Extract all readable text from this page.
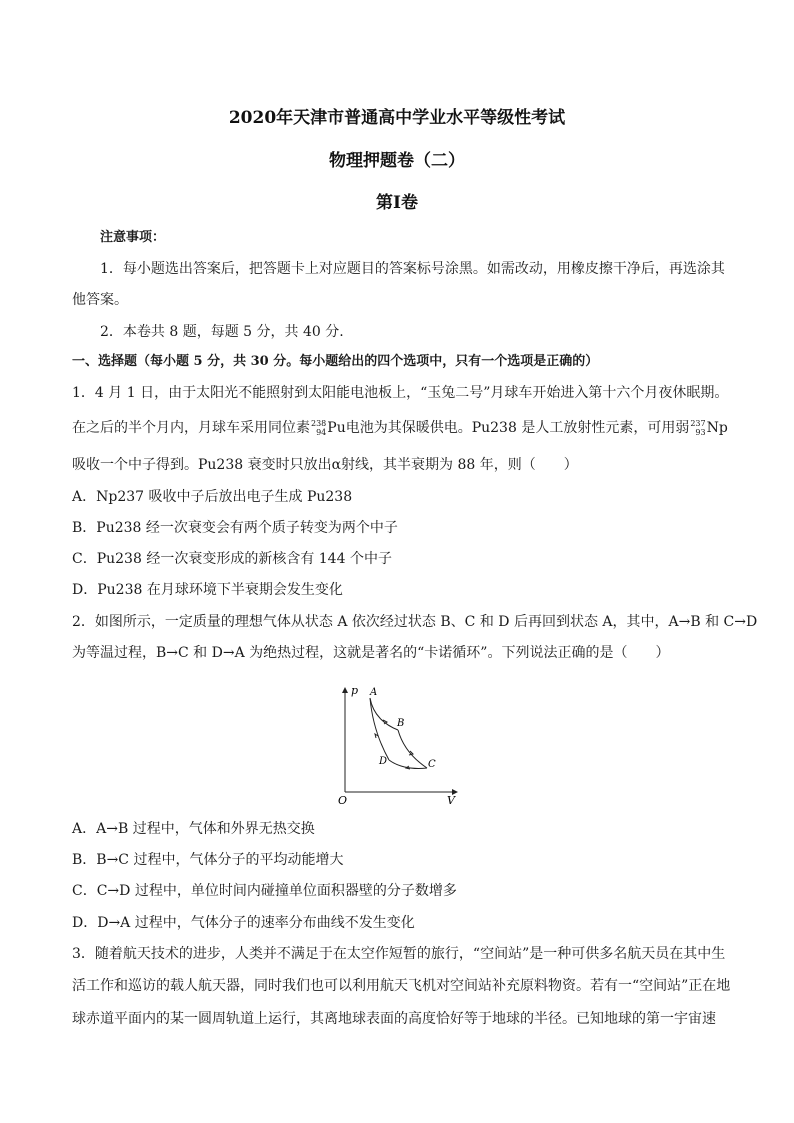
2020年天津市普通高中学业水平等级性考试
物理押题卷（二）
第Ⅰ卷
注意事项：
1．每小题选出答案后，把答题卡上对应题目的答案标号涂黑。如需改动，用橡皮擦干净后，再选涂其
他答案。
2．本卷共 8 题，每题 5 分，共 40 分.
一、选择题（每小题 5 分，共 30 分。每小题给出的四个选项中，只有一个选项是正确的）
1．4 月 1 日，由于太阳光不能照射到太阳能电池板上，“玉兔二号”月球车开始进入第十六个月夜休眠期。
在之后的半个月内，月球车采用同位素 238
94 Pu电池为其保暖供电。Pu238 是人工放射性元素，可用弱 237
93 Np
吸收一个中子得到。Pu238 衰变时只放出α射线，其半衰期为 88 年，则（　　）
A．Np237 吸收中子后放出电子生成 Pu238
B．Pu238 经一次衰变会有两个质子转变为两个中子
C．Pu238 经一次衰变形成的新核含有 144 个中子
D．Pu238 在月球环境下半衰期会发生变化
2．如图所示，一定质量的理想气体从状态 A 依次经过状态 B、C 和 D 后再回到状态 A，其中，A→B 和 C→D
为等温过程，B→C 和 D→A 为绝热过程，这就是著名的“卡诺循环”。下列说法正确的是（　　）
p
V
O
A
B
C
D
A．A→B 过程中，气体和外界无热交换
B．B→C 过程中，气体分子的平均动能增大
C．C→D 过程中，单位时间内碰撞单位面积器壁的分子数增多
D．D→A 过程中，气体分子的速率分布曲线不发生变化
3．随着航天技术的进步，人类并不满足于在太空作短暂的旅行，“空间站”是一种可供多名航天员在其中生
活工作和巡访的载人航天器，同时我们也可以利用航天飞机对空间站补充原料物资。若有一“空间站”正在地
球赤道平面内的某一圆周轨道上运行，其离地球表面的高度恰好等于地球的半径。已知地球的第一宇宙速
